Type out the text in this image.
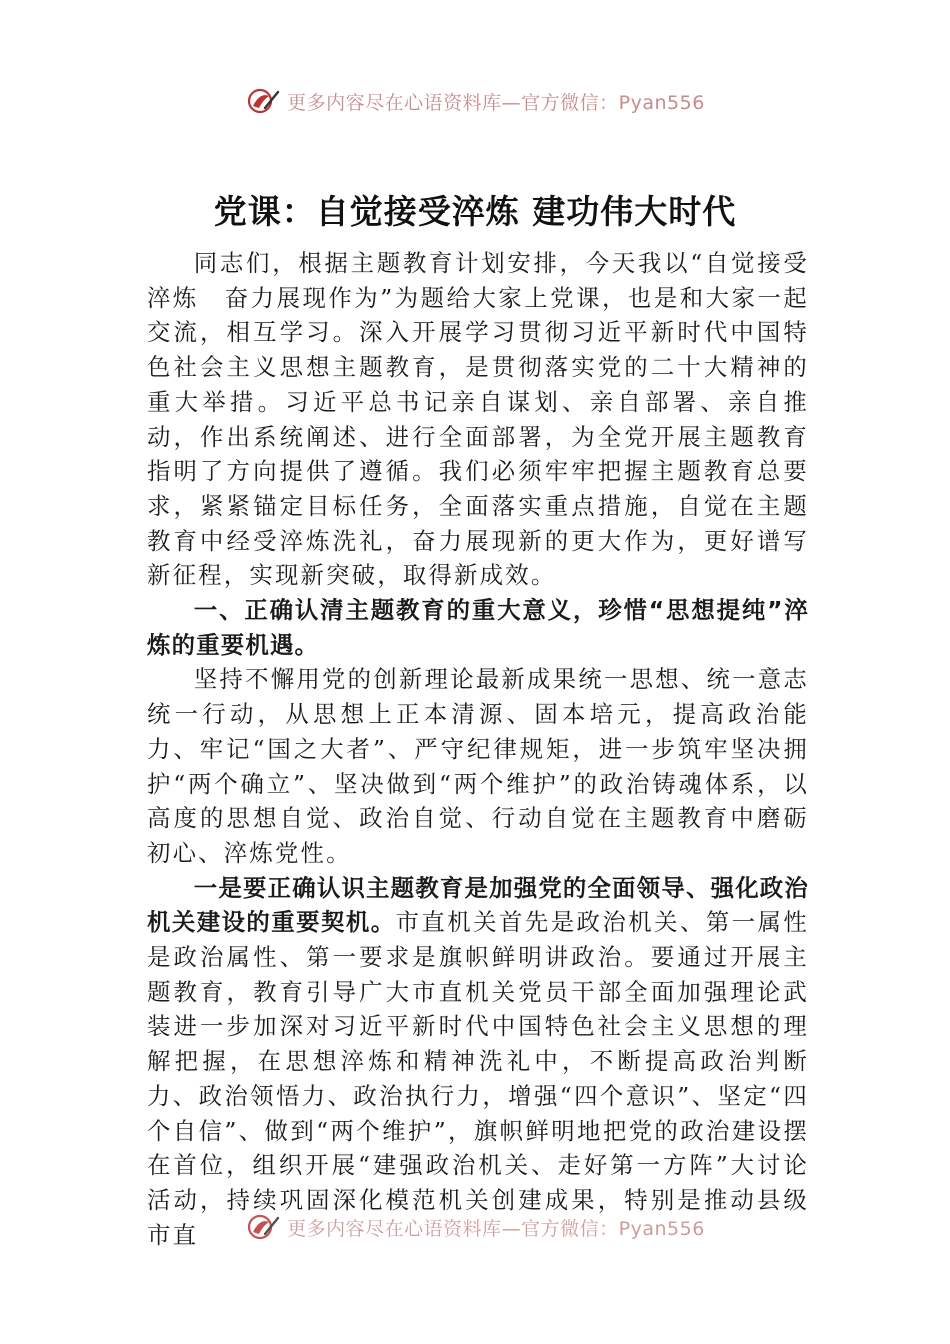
更多内容尽在心语资料库—官方微信：Pyan556
党课：自觉接受淬炼 建功伟大时代

同志们，根据主题教育计划安排，今天我以“自觉接受淬炼　奋力展现作为”为题给大家上党课，也是和大家一起交流，相互学习。深入开展学习贯彻习近平新时代中国特色社会主义思想主题教育，是贯彻落实党的二十大精神的重大举措。习近平总书记亲自谋划、亲自部署、亲自推动，作出系统阐述、进行全面部署，为全党开展主题教育指明了方向提供了遵循。我们必须牢牢把握主题教育总要求，紧紧锚定目标任务，全面落实重点措施，自觉在主题教育中经受淬炼洗礼，奋力展现新的更大作为，更好谱写新征程，实现新突破，取得新成效。

一、正确认清主题教育的重大意义，珍惜“思想提纯”淬炼的重要机遇。

坚持不懈用党的创新理论最新成果统一思想、统一意志统一行动，从思想上正本清源、固本培元，提高政治能力、牢记“国之大者”、严守纪律规矩，进一步筑牢坚决拥护“两个确立”、坚决做到“两个维护”的政治铸魂体系，以高度的思想自觉、政治自觉、行动自觉在主题教育中磨砺初心、淬炼党性。

一是要正确认识主题教育是加强党的全面领导、强化政治机关建设的重要契机。市直机关首先是政治机关、第一属性是政治属性、第一要求是旗帜鲜明讲政治。要通过开展主题教育，教育引导广大市直机关党员干部全面加强理论武装进一步加深对习近平新时代中国特色社会主义思想的理解把握，在思想淬炼和精神洗礼中，不断提高政治判断力、政治领悟力、政治执行力，增强“四个意识”、坚定“四个自信”、做到“两个维护”，旗帜鲜明地把党的政治建设摆在首位，组织开展“建强政治机关、走好第一方阵”大讨论活动，持续巩固深化模范机关创建成果，特别是推动县级市直	更多内容尽在心语资料库—官方微信：Pyan556
